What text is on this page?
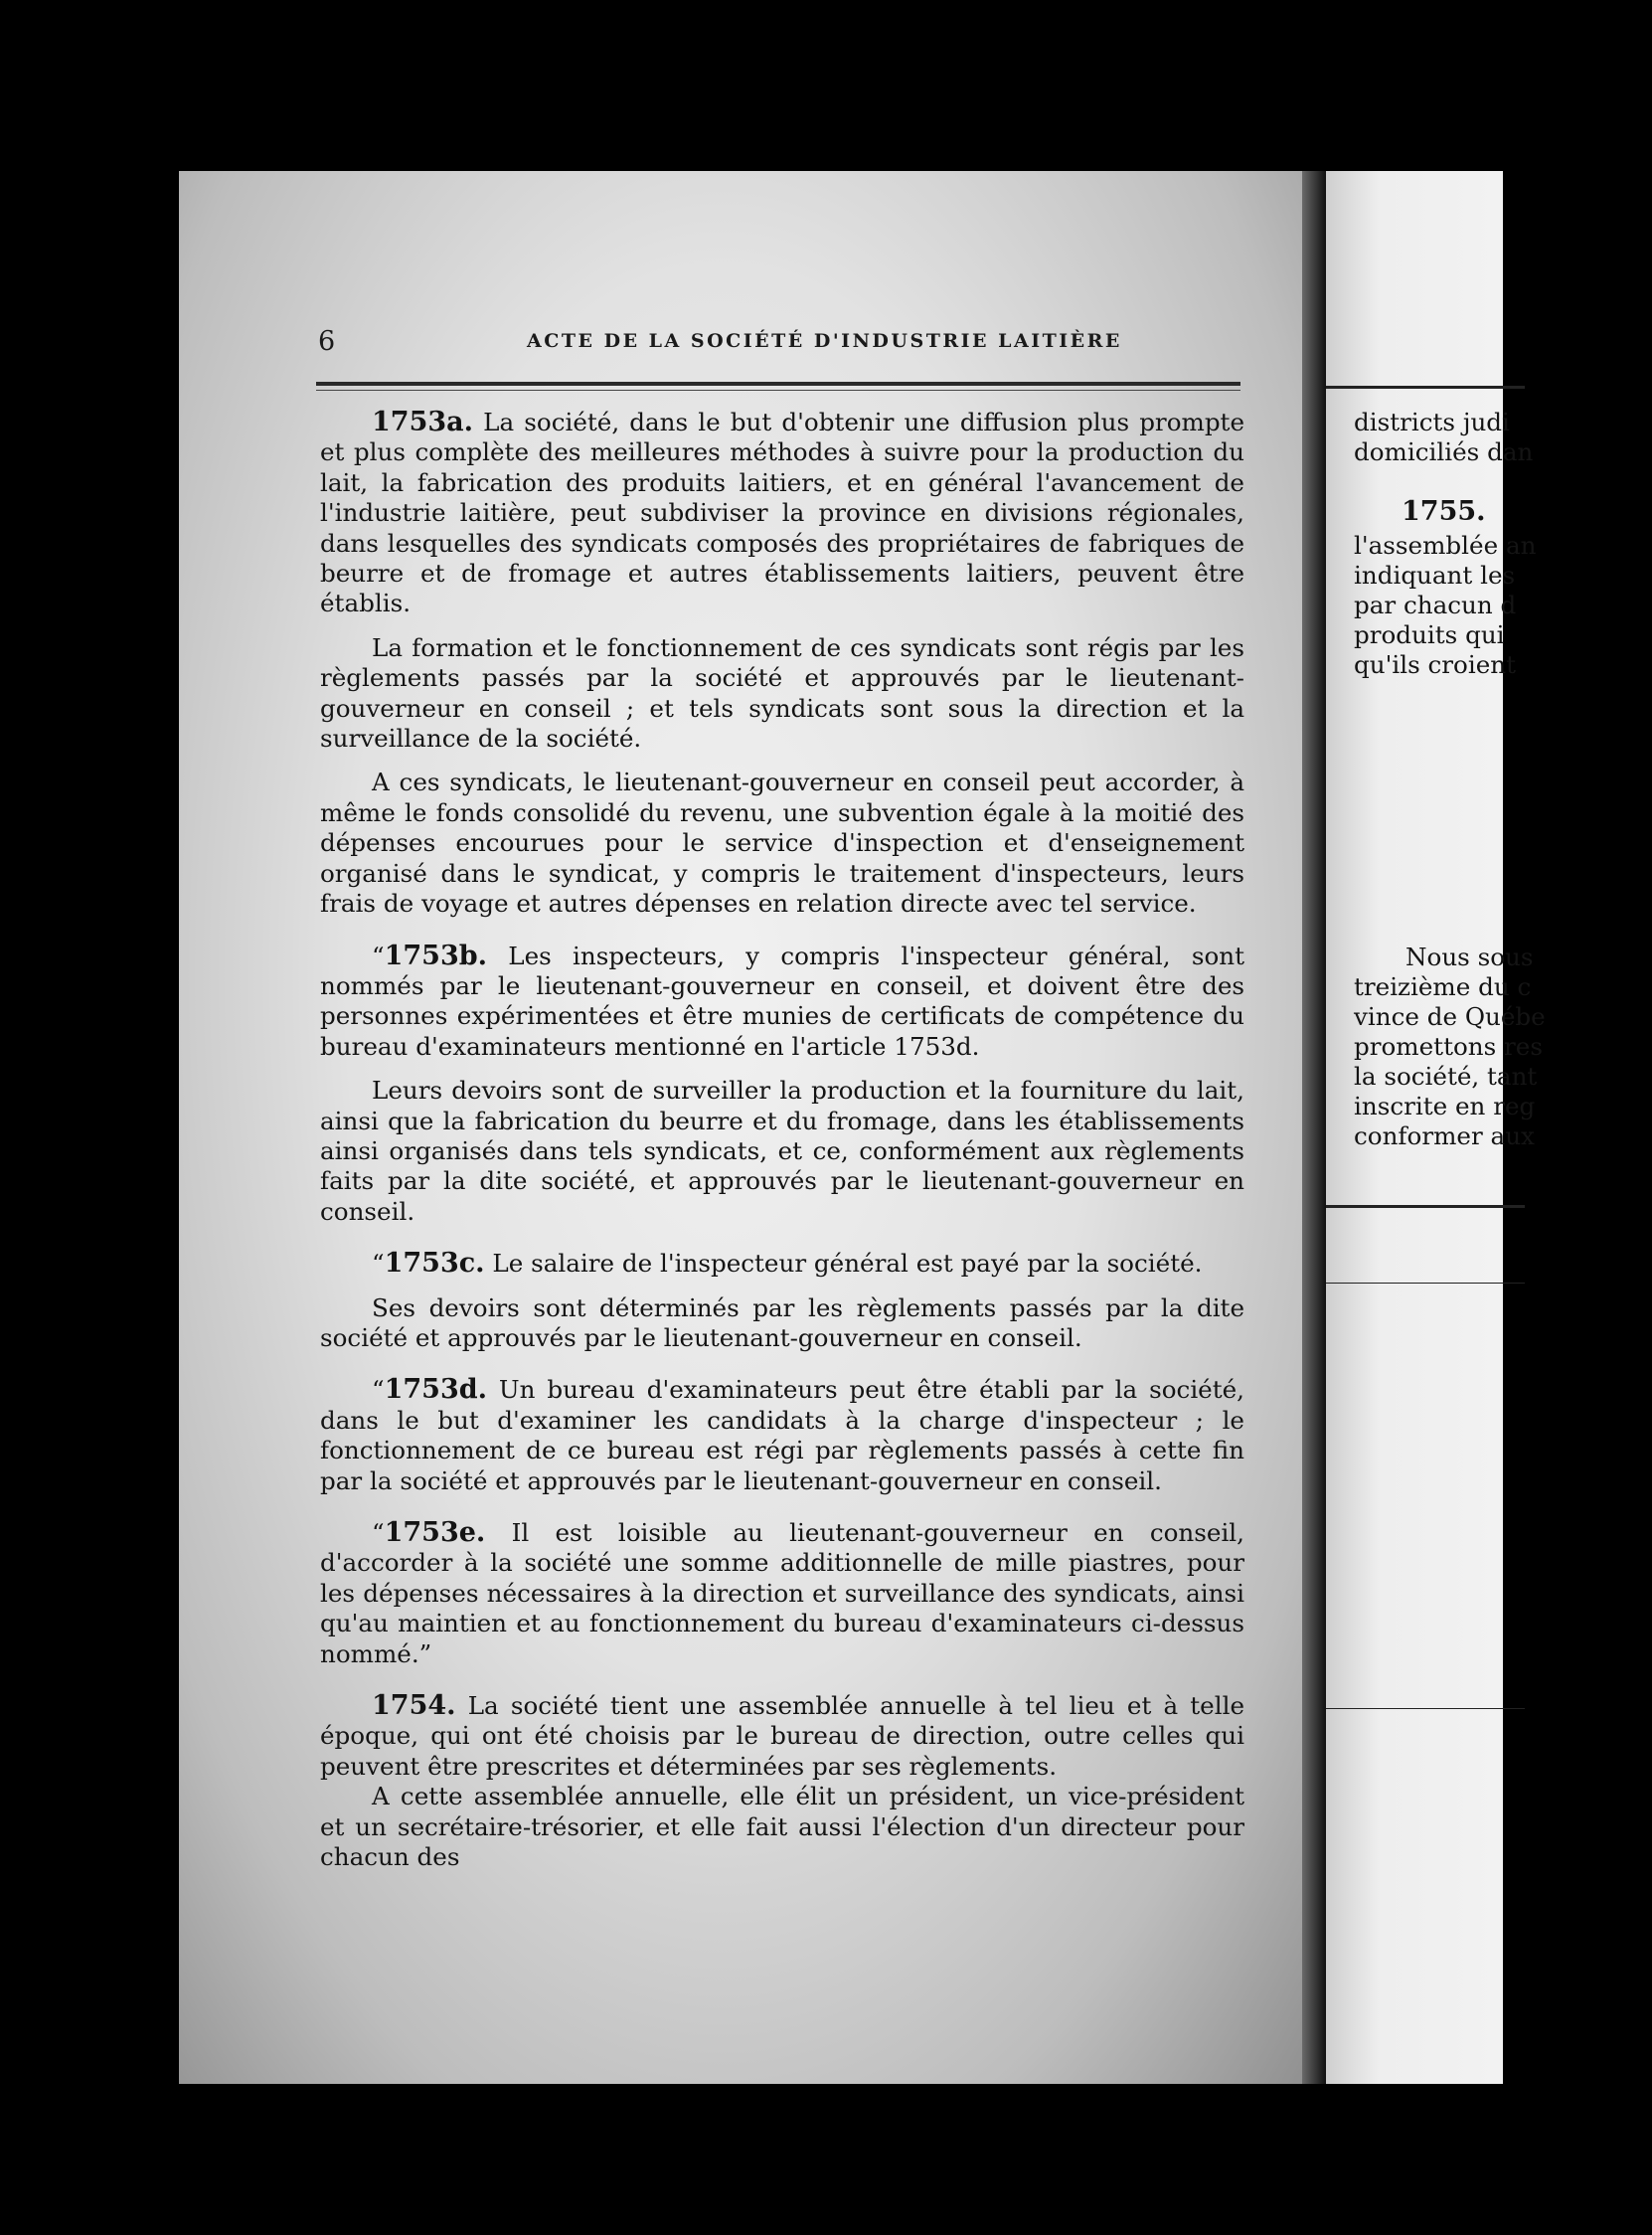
6	ACTE DE LA SOCIÉTÉ D'INDUSTRIE LAITIÈRE

1753a. La société, dans le but d'obtenir une diffusion plus prompte et plus complète des meilleures méthodes à suivre pour la production du lait, la fabrication des produits laitiers, et en général l'avancement de l'industrie laitière, peut subdiviser la province en divisions régionales, dans lesquelles des syndicats composés des propriétaires de fabriques de beurre et de fromage et autres établissements laitiers, peuvent être établis.

La formation et le fonctionnement de ces syndicats sont régis par les règlements passés par la société et approuvés par le lieutenant-gouverneur en conseil ; et tels syndicats sont sous la direction et la surveillance de la société.

A ces syndicats, le lieutenant-gouverneur en conseil peut accorder, à même le fonds consolidé du revenu, une subvention égale à la moitié des dépenses encourues pour le service d'inspection et d'enseignement organisé dans le syndicat, y compris le traitement d'inspecteurs, leurs frais de voyage et autres dépenses en relation directe avec tel service.

“1753b. Les inspecteurs, y compris l'inspecteur général, sont nommés par le lieutenant-gouverneur en conseil, et doivent être des personnes expérimentées et être munies de certificats de compétence du bureau d'examinateurs mentionné en l'article 1753d.

Leurs devoirs sont de surveiller la production et la fourniture du lait, ainsi que la fabrication du beurre et du fromage, dans les établissements ainsi organisés dans tels syndicats, et ce, conformément aux règlements faits par la dite société, et approuvés par le lieutenant-gouverneur en conseil.

“1753c. Le salaire de l'inspecteur général est payé par la société.

Ses devoirs sont déterminés par les règlements passés par la dite société et approuvés par le lieutenant-gouverneur en conseil.

“1753d. Un bureau d'examinateurs peut être établi par la société, dans le but d'examiner les candidats à la charge d'inspecteur ; le fonctionnement de ce bureau est régi par règlements passés à cette fin par la société et approuvés par le lieutenant-gouverneur en conseil.

“1753e. Il est loisible au lieutenant-gouverneur en conseil, d'accorder à la société une somme additionnelle de mille piastres, pour les dépenses nécessaires à la direction et surveillance des syndicats, ainsi qu'au maintien et au fonctionnement du bureau d'examinateurs ci-dessus nommé.”

1754. La société tient une assemblée annuelle à tel lieu et à telle époque, qui ont été choisis par le bureau de direction, outre celles qui peuvent être prescrites et déterminées par ses règlements.

A cette assemblée annuelle, elle élit un président, un vice-président et un secrétaire-trésorier, et elle fait aussi l'élection d'un directeur pour chacun des

districts judi
domiciliés dan
1755.
l'assemblée an
indiquant les
par chacun d
produits qui
qu'ils croient
Nous sous
treizième du c
vince de Québe
promettons res
la société, tant
inscrite en reg
conformer aux
